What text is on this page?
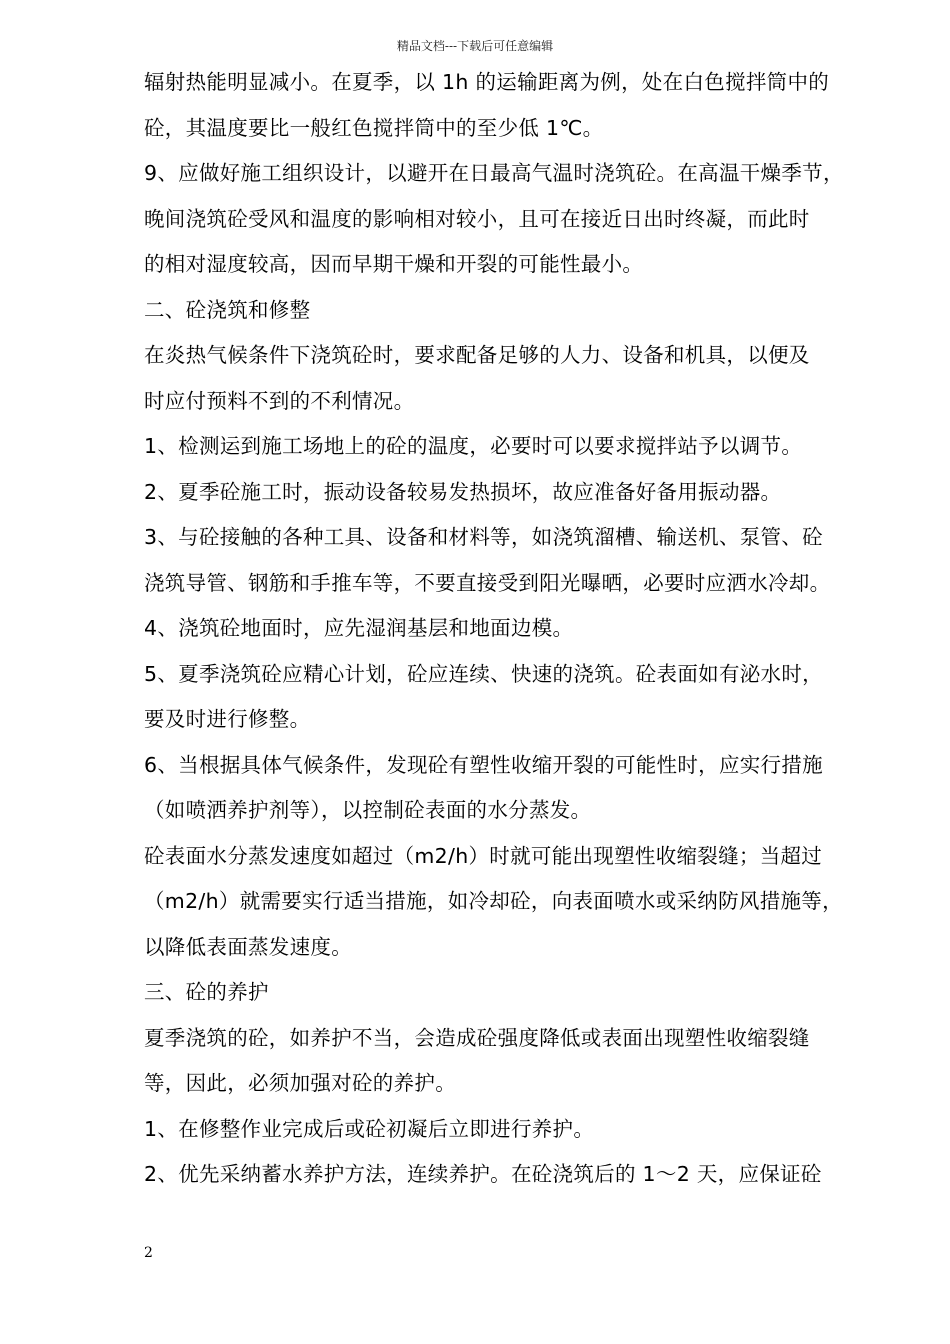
精品文档---下载后可任意编辑

辐射热能明显减小。在夏季，以 1h 的运输距离为例，处在白色搅拌筒中的

砼，其温度要比一般红色搅拌筒中的至少低 1℃。

9、应做好施工组织设计，以避开在日最高气温时浇筑砼。在高温干燥季节，

晚间浇筑砼受风和温度的影响相对较小，且可在接近日出时终凝，而此时

的相对湿度较高，因而早期干燥和开裂的可能性最小。

二、砼浇筑和修整

在炎热气候条件下浇筑砼时，要求配备足够的人力、设备和机具，以便及

时应付预料不到的不利情况。

1、检测运到施工场地上的砼的温度，必要时可以要求搅拌站予以调节。

2、夏季砼施工时，振动设备较易发热损坏，故应准备好备用振动器。

3、与砼接触的各种工具、设备和材料等，如浇筑溜槽、输送机、泵管、砼

浇筑导管、钢筋和手推车等，不要直接受到阳光曝晒，必要时应洒水冷却。

4、浇筑砼地面时，应先湿润基层和地面边模。

5、夏季浇筑砼应精心计划，砼应连续、快速的浇筑。砼表面如有泌水时，

要及时进行修整。

6、当根据具体气候条件，发现砼有塑性收缩开裂的可能性时，应实行措施

（如喷洒养护剂等），以控制砼表面的水分蒸发。

砼表面水分蒸发速度如超过（m2/h）时就可能出现塑性收缩裂缝；当超过

（m2/h）就需要实行适当措施，如冷却砼，向表面喷水或采纳防风措施等，

以降低表面蒸发速度。

三、砼的养护

夏季浇筑的砼，如养护不当，会造成砼强度降低或表面出现塑性收缩裂缝

等，因此，必须加强对砼的养护。

1、在修整作业完成后或砼初凝后立即进行养护。

2、优先采纳蓄水养护方法，连续养护。在砼浇筑后的 1～2 天，应保证砼

2
